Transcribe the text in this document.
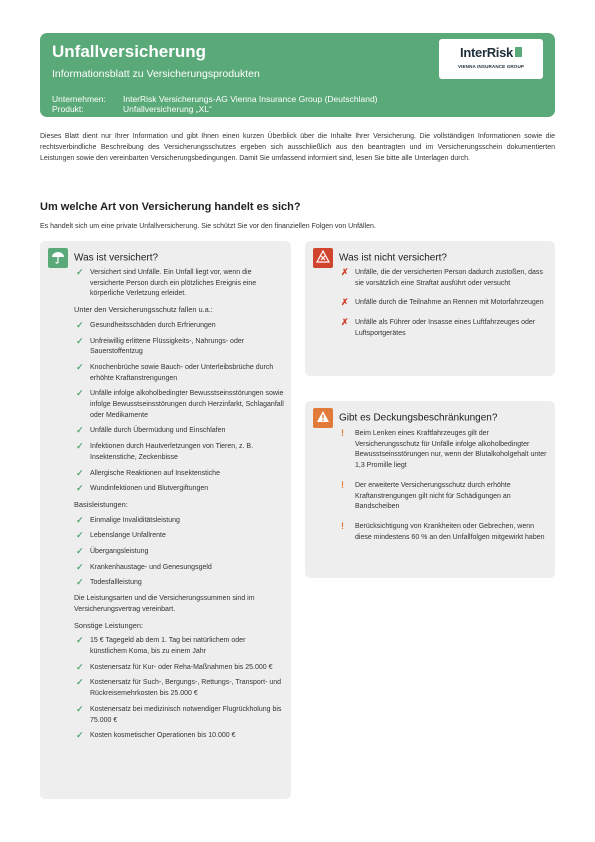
Unfallversicherung
Informationsblatt zu Versicherungsprodukten
Unternehmen: InterRisk Versicherungs-AG Vienna Insurance Group (Deutschland)
Produkt:	Unfallversicherung „XL“
InterRisk
VIENNA INSURANCE GROUP
Dieses Blatt dient nur Ihrer Information und gibt Ihnen einen kurzen Überblick über die Inhalte Ihrer Versicherung. Die vollständigen Informationen sowie die rechtsverbindliche Beschreibung des Versicherungsschutzes ergeben sich ausschließlich aus den beantragten und im Versicherungsschein dokumentierten Leistungen sowie den vereinbarten Versicherungsbedingungen. Damit Sie umfassend informiert sind, lesen Sie bitte alle Unterlagen durch.
Um welche Art von Versicherung handelt es sich?
Es handelt sich um eine private Unfallversicherung. Sie schützt Sie vor den finanziellen Folgen von Unfällen.
Was ist versichert?
✓ Versichert sind Unfälle. Ein Unfall liegt vor, wenn die versicherte Person durch ein plötzliches Ereignis eine körperliche Verletzung erleidet.
Unter den Versicherungsschutz fallen u.a.:
✓ Gesundheitsschäden durch Erfrierungen
✓ Unfreiwillig erlittene Flüssigkeits-, Nahrungs- oder Sauerstoffentzug
✓ Knochenbrüche sowie Bauch- oder Unterleibsbrüche durch erhöhte Kraftanstrengungen
✓ Unfälle infolge alkoholbedingter Bewusstseinsstörungen sowie infolge Bewusstseinsstörungen durch Herzinfarkt, Schlaganfall oder Medikamente
✓ Unfälle durch Übermüdung und Einschlafen
✓ Infektionen durch Hautverletzungen von Tieren, z. B. Insektenstiche, Zeckenbisse
✓ Allergische Reaktionen auf Insektenstiche
✓ Wundinfektionen und Blutvergiftungen
Basisleistungen:
✓ Einmalige Invaliditätsleistung
✓ Lebenslange Unfallrente
✓ Übergangsleistung
✓ Krankenhaustage- und Genesungsgeld
✓ Todesfallleistung
Die Leistungsarten und die Versicherungssummen sind im Versicherungsvertrag vereinbart.
Sonstige Leistungen:
✓ 15 € Tagegeld ab dem 1. Tag bei natürlichem oder künstlichem Koma, bis zu einem Jahr
✓ Kostenersatz für Kur- oder Reha-Maßnahmen bis 25.000 €
✓ Kostenersatz für Such-, Bergungs-, Rettungs-, Transport- und Rückreisemehrkosten bis 25.000 €
✓ Kostenersatz bei medizinisch notwendiger Flugrückholung bis 75.000 €
✓ Kosten kosmetischer Operationen bis 10.000 €
Was ist nicht versichert?
✗ Unfälle, die der versicherten Person dadurch zustoßen, dass sie vorsätzlich eine Straftat ausführt oder versucht
✗ Unfälle durch die Teilnahme an Rennen mit Motorfahrzeugen
✗ Unfälle als Führer oder Insasse eines Luftfahrzeuges oder Luftsportgerätes
Gibt es Deckungsbeschränkungen?
! Beim Lenken eines Kraftfahrzeuges gilt der Versicherungsschutz für Unfälle infolge alkoholbedingter Bewusstseinsstörungen nur, wenn der Blutalkoholgehalt unter 1,3 Promille liegt
! Der erweiterte Versicherungsschutz durch erhöhte Kraftanstrengungen gilt nicht für Schädigungen an Bandscheiben
! Berücksichtigung von Krankheiten oder Gebrechen, wenn diese mindestens 60 % an den Unfallfolgen mitgewirkt haben
